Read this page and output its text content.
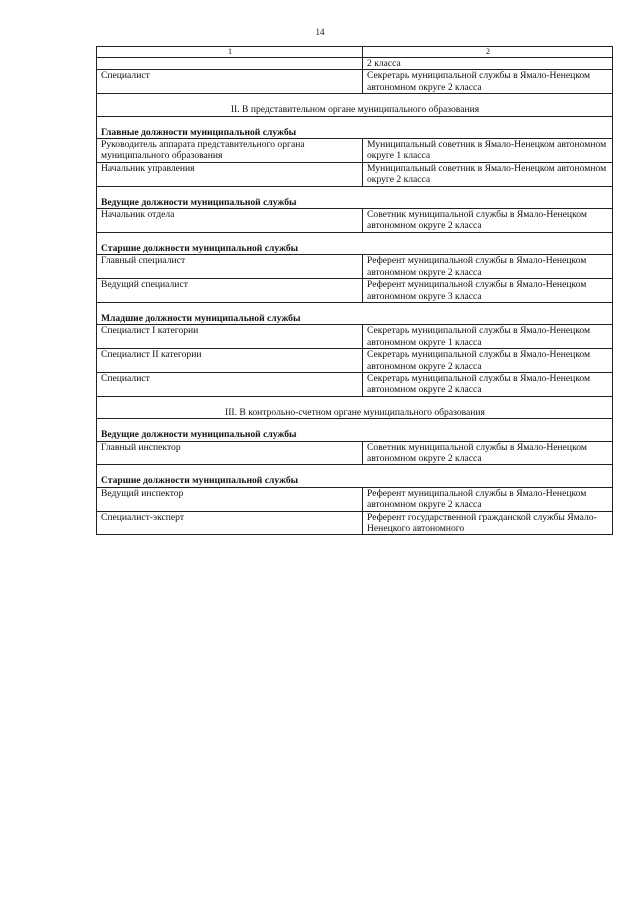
14
1	2
	2 класса
Специалист	Секретарь муниципальной службы в Ямало-Ненецком автономном округе 2 класса
II. В представительном органе муниципального образования	
Главные должности муниципальной службы	
Руководитель аппарата представительного органа муниципального образования	Муниципальный советник в Ямало-Ненецком автономном округе 1 класса
Начальник управления	Муниципальный советник в Ямало-Ненецком автономном округе 2 класса
Ведущие должности муниципальной службы	
Начальник отдела	Советник муниципальной службы в Ямало-Ненецком автономном округе 2 класса
Старшие должности муниципальной службы	
Главный специалист	Референт муниципальной службы в Ямало-Ненецком автономном округе 2 класса
Ведущий специалист	Референт муниципальной службы в Ямало-Ненецком автономном округе 3 класса
Младшие должности муниципальной службы	
Специалист I категории	Секретарь муниципальной службы в Ямало-Ненецком автономном округе 1 класса
Специалист II категории	Секретарь муниципальной службы в Ямало-Ненецком автономном округе 2 класса
Специалист	Секретарь муниципальной службы в Ямало-Ненецком автономном округе 2 класса
III. В контрольно-счетном органе муниципального образования	
Ведущие должности муниципальной службы	
Главный инспектор	Советник муниципальной службы в Ямало-Ненецком автономном округе 2 класса
Старшие должности муниципальной службы	
Ведущий инспектор	Референт муниципальной службы в Ямало-Ненецком автономном округе 2 класса
Специалист-эксперт	Референт государственной гражданской службы Ямало-Ненецкого автономного
